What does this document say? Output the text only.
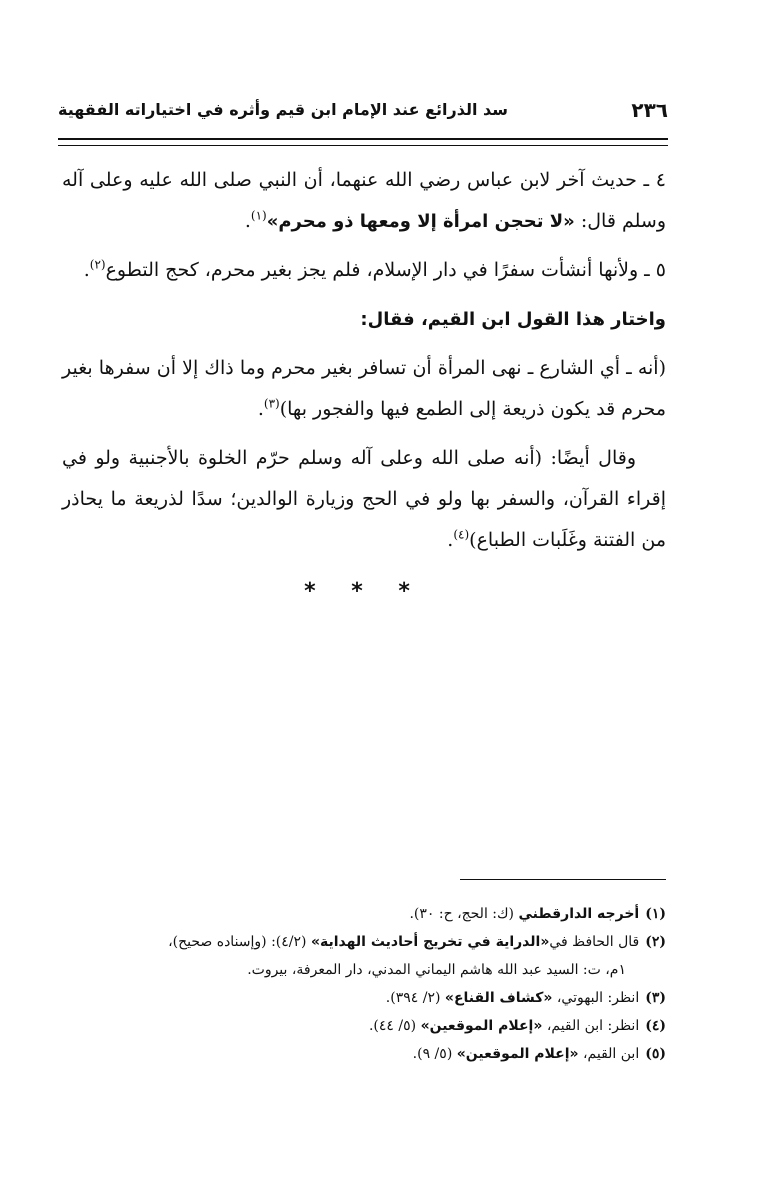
٢٣٦
سد الذرائع عند الإمام ابن قيم وأثره في اختياراته الفقهية

٤ ـ حديث آخر لابن عباس رضي الله عنهما، أن النبي صلى الله عليه وعلى آله وسلم قال: «لا تحجن امرأة إلا ومعها ذو محرم»$^{(١)}$.

٥ ـ ولأنها أنشأت سفرًا في دار الإسلام، فلم يجز بغير محرم، كحج التطوع$^{(٢)}$.

واختار هذا القول ابن القيم، فقال:

(أنه ـ أي الشارع ـ نهى المرأة أن تسافر بغير محرم وما ذاك إلا أن سفرها بغير محرم قد يكون ذريعة إلى الطمع فيها والفجور بها)$^{(٣)}$.

وقال أيضًا: (أنه صلى الله وعلى آله وسلم حرّم الخلوة بالأجنبية ولو في إقراء القرآن، والسفر بها ولو في الحج وزيارة الوالدين؛ سدًا لذريعة ما يحاذر من الفتنة وغَلَبات الطباع)$^{(٤)}$.

* * *

(١)أخرجه الدارقطني (ك: الحج، ح: ٣٠).

(٢)قال الحافظ في«الدراية في تخريج أحاديث الهداية» (٤/٢): (وإسناده صحيح)،

١م، ت: السيد عبد الله هاشم اليماني المدني، دار المعرفة، بيروت.

(٣)انظر: البهوتي، «كشاف القناع» (٢/ ٣٩٤).

(٤)انظر: ابن القيم، «إعلام الموقعين» (٥/ ٤٤).

(٥)ابن القيم، «إعلام الموقعين» (٥/ ٩).
